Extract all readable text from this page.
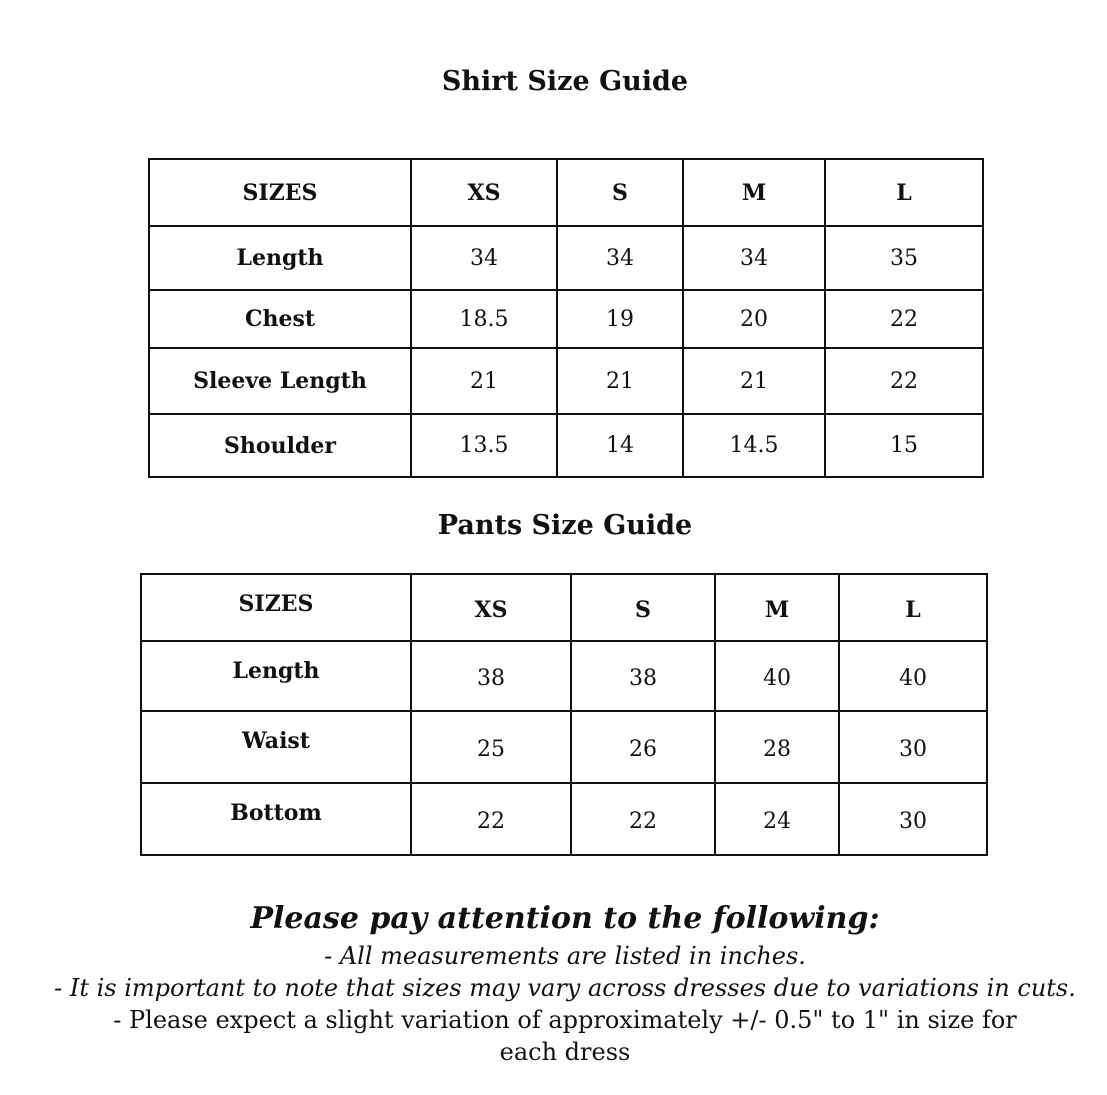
Shirt Size Guide
SIZES	XS	S	M	L
Length	34	34	34	35
Chest	18.5	19	20	22
Sleeve Length	21	21	21	22
Shoulder	13.5	14	14.5	15
Pants Size Guide
SIZES	XS	S	M	L
Length	38	38	40	40
Waist	25	26	28	30
Bottom	22	22	24	30

Please pay attention to the following:

- All measurements are listed in inches.

- It is important to note that sizes may vary across dresses due to variations in cuts.

- Please expect a slight variation of approximately +/- 0.5" to 1" in size for each dress
